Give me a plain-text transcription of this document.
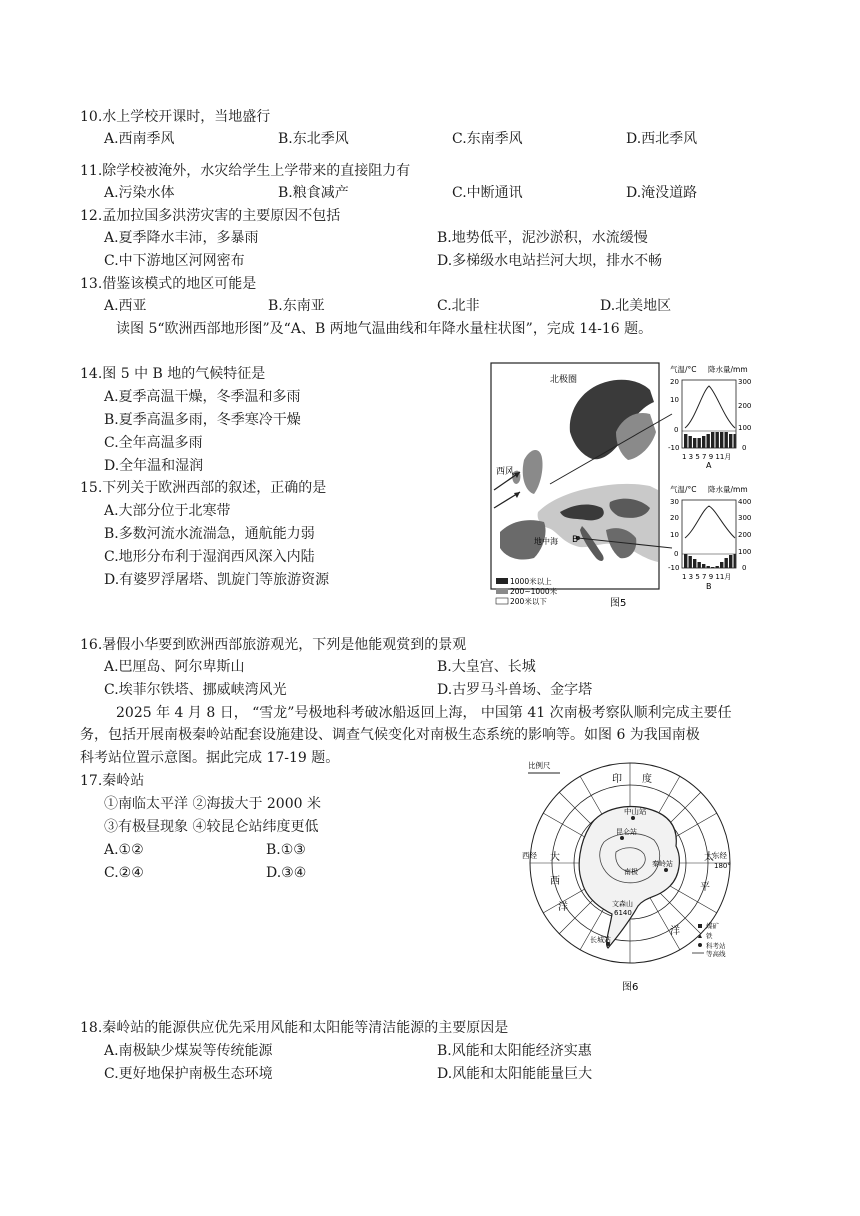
10.水上学校开课时，当地盛行
A.西南季风	B.东北季风	C.东南季风	D.西北季风
11.除学校被淹外，水灾给学生上学带来的直接阻力有
A.污染水体	B.粮食减产	C.中断通讯	D.淹没道路
12.孟加拉国多洪涝灾害的主要原因不包括
A.夏季降水丰沛，多暴雨	B.地势低平，泥沙淤积，水流缓慢
C.中下游地区河网密布	D.多梯级水电站拦河大坝，排水不畅
13.借鉴该模式的地区可能是
A.西亚	B.东南亚	C.北非	D.北美地区
读图 5“欧洲西部地形图”及“A、B 两地气温曲线和年降水量柱状图”，完成 14-16 题。
14.图 5 中 B 地的气候特征是
A.夏季高温干燥，冬季温和多雨
B.夏季高温多雨，冬季寒冷干燥
C.全年高温多雨
D.全年温和湿润
15.下列关于欧洲西部的叙述，正确的是
A.大部分位于北寒带
B.多数河流水流湍急，通航能力弱
C.地形分布利于湿润西风深入内陆
D.有婆罗浮屠塔、凯旋门等旅游资源
北极圈
西风
地中海 B
1000米以上
200~1000米
200米以下	图5
气温/°C 降水量/mm
20
10
0
-10
300
200
100
0
1 3 5 7 9 11月
A
气温/°C 降水量/mm
30
20
10
0
-10
400
300
200
100
0
1 3 5 7 9 11月
B
16.暑假小华要到欧洲西部旅游观光，下列是他能观赏到的景观
A.巴厘岛、阿尔卑斯山	B.大皇宫、长城
C.埃菲尔铁塔、挪威峡湾风光	D.古罗马斗兽场、金字塔
2025 年 4 月 8 日， “雪龙”号极地科考破冰船返回上海， 中国第 41 次南极考察队顺利完成主要任
务，包括开展南极秦岭站配套设施建设、调查气候变化对南极生态系统的影响等。如图 6 为我国南极
科考站位置示意图。据此完成 17-19 题。
17.秦岭站
①南临太平洋 ②海拔大于 2000 米
③有极昼现象 ④较昆仑站纬度更低
A.①②	B.①③
C.②④	D.③④
比例尺
中山站
昆仑站
秦岭站
南极
文森山
6140
长城站
西经	东经
180°
大
西
洋
印 度
太
平
洋	煤矿
铁
科考站
等高线
图6
18.秦岭站的能源供应优先采用风能和太阳能等清洁能源的主要原因是
A.南极缺少煤炭等传统能源	B.风能和太阳能经济实惠
C.更好地保护南极生态环境	D.风能和太阳能能量巨大
